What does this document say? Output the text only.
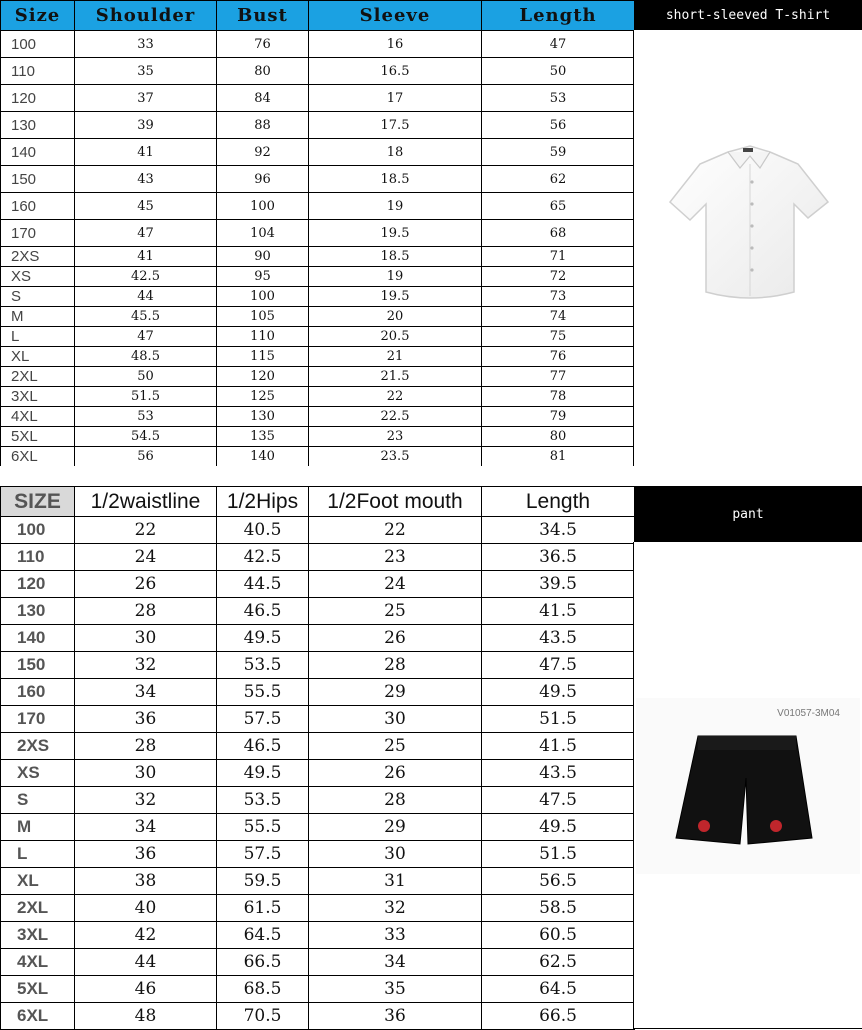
Size	Shoulder	Bust	Sleeve	Length
100	33	76	16	47
110	35	80	16.5	50
120	37	84	17	53
130	39	88	17.5	56
140	41	92	18	59
150	43	96	18.5	62
160	45	100	19	65
170	47	104	19.5	68
2XS	41	90	18.5	71
XS	42.5	95	19	72
S	44	100	19.5	73
M	45.5	105	20	74
L	47	110	20.5	75
XL	48.5	115	21	76
2XL	50	120	21.5	77
3XL	51.5	125	22	78
4XL	53	130	22.5	79
5XL	54.5	135	23	80
6XL	56	140	23.5	81
short-sleeved T-shirt
SIZE	1/2waistline	1/2Hips	1/2Foot mouth	Length
100	22	40.5	22	34.5
110	24	42.5	23	36.5
120	26	44.5	24	39.5
130	28	46.5	25	41.5
140	30	49.5	26	43.5
150	32	53.5	28	47.5
160	34	55.5	29	49.5
170	36	57.5	30	51.5
2XS	28	46.5	25	41.5
XS	30	49.5	26	43.5
S	32	53.5	28	47.5
M	34	55.5	29	49.5
L	36	57.5	30	51.5
XL	38	59.5	31	56.5
2XL	40	61.5	32	58.5
3XL	42	64.5	33	60.5
4XL	44	66.5	34	62.5
5XL	46	68.5	35	64.5
6XL	48	70.5	36	66.5
pant
V01057-3M04
